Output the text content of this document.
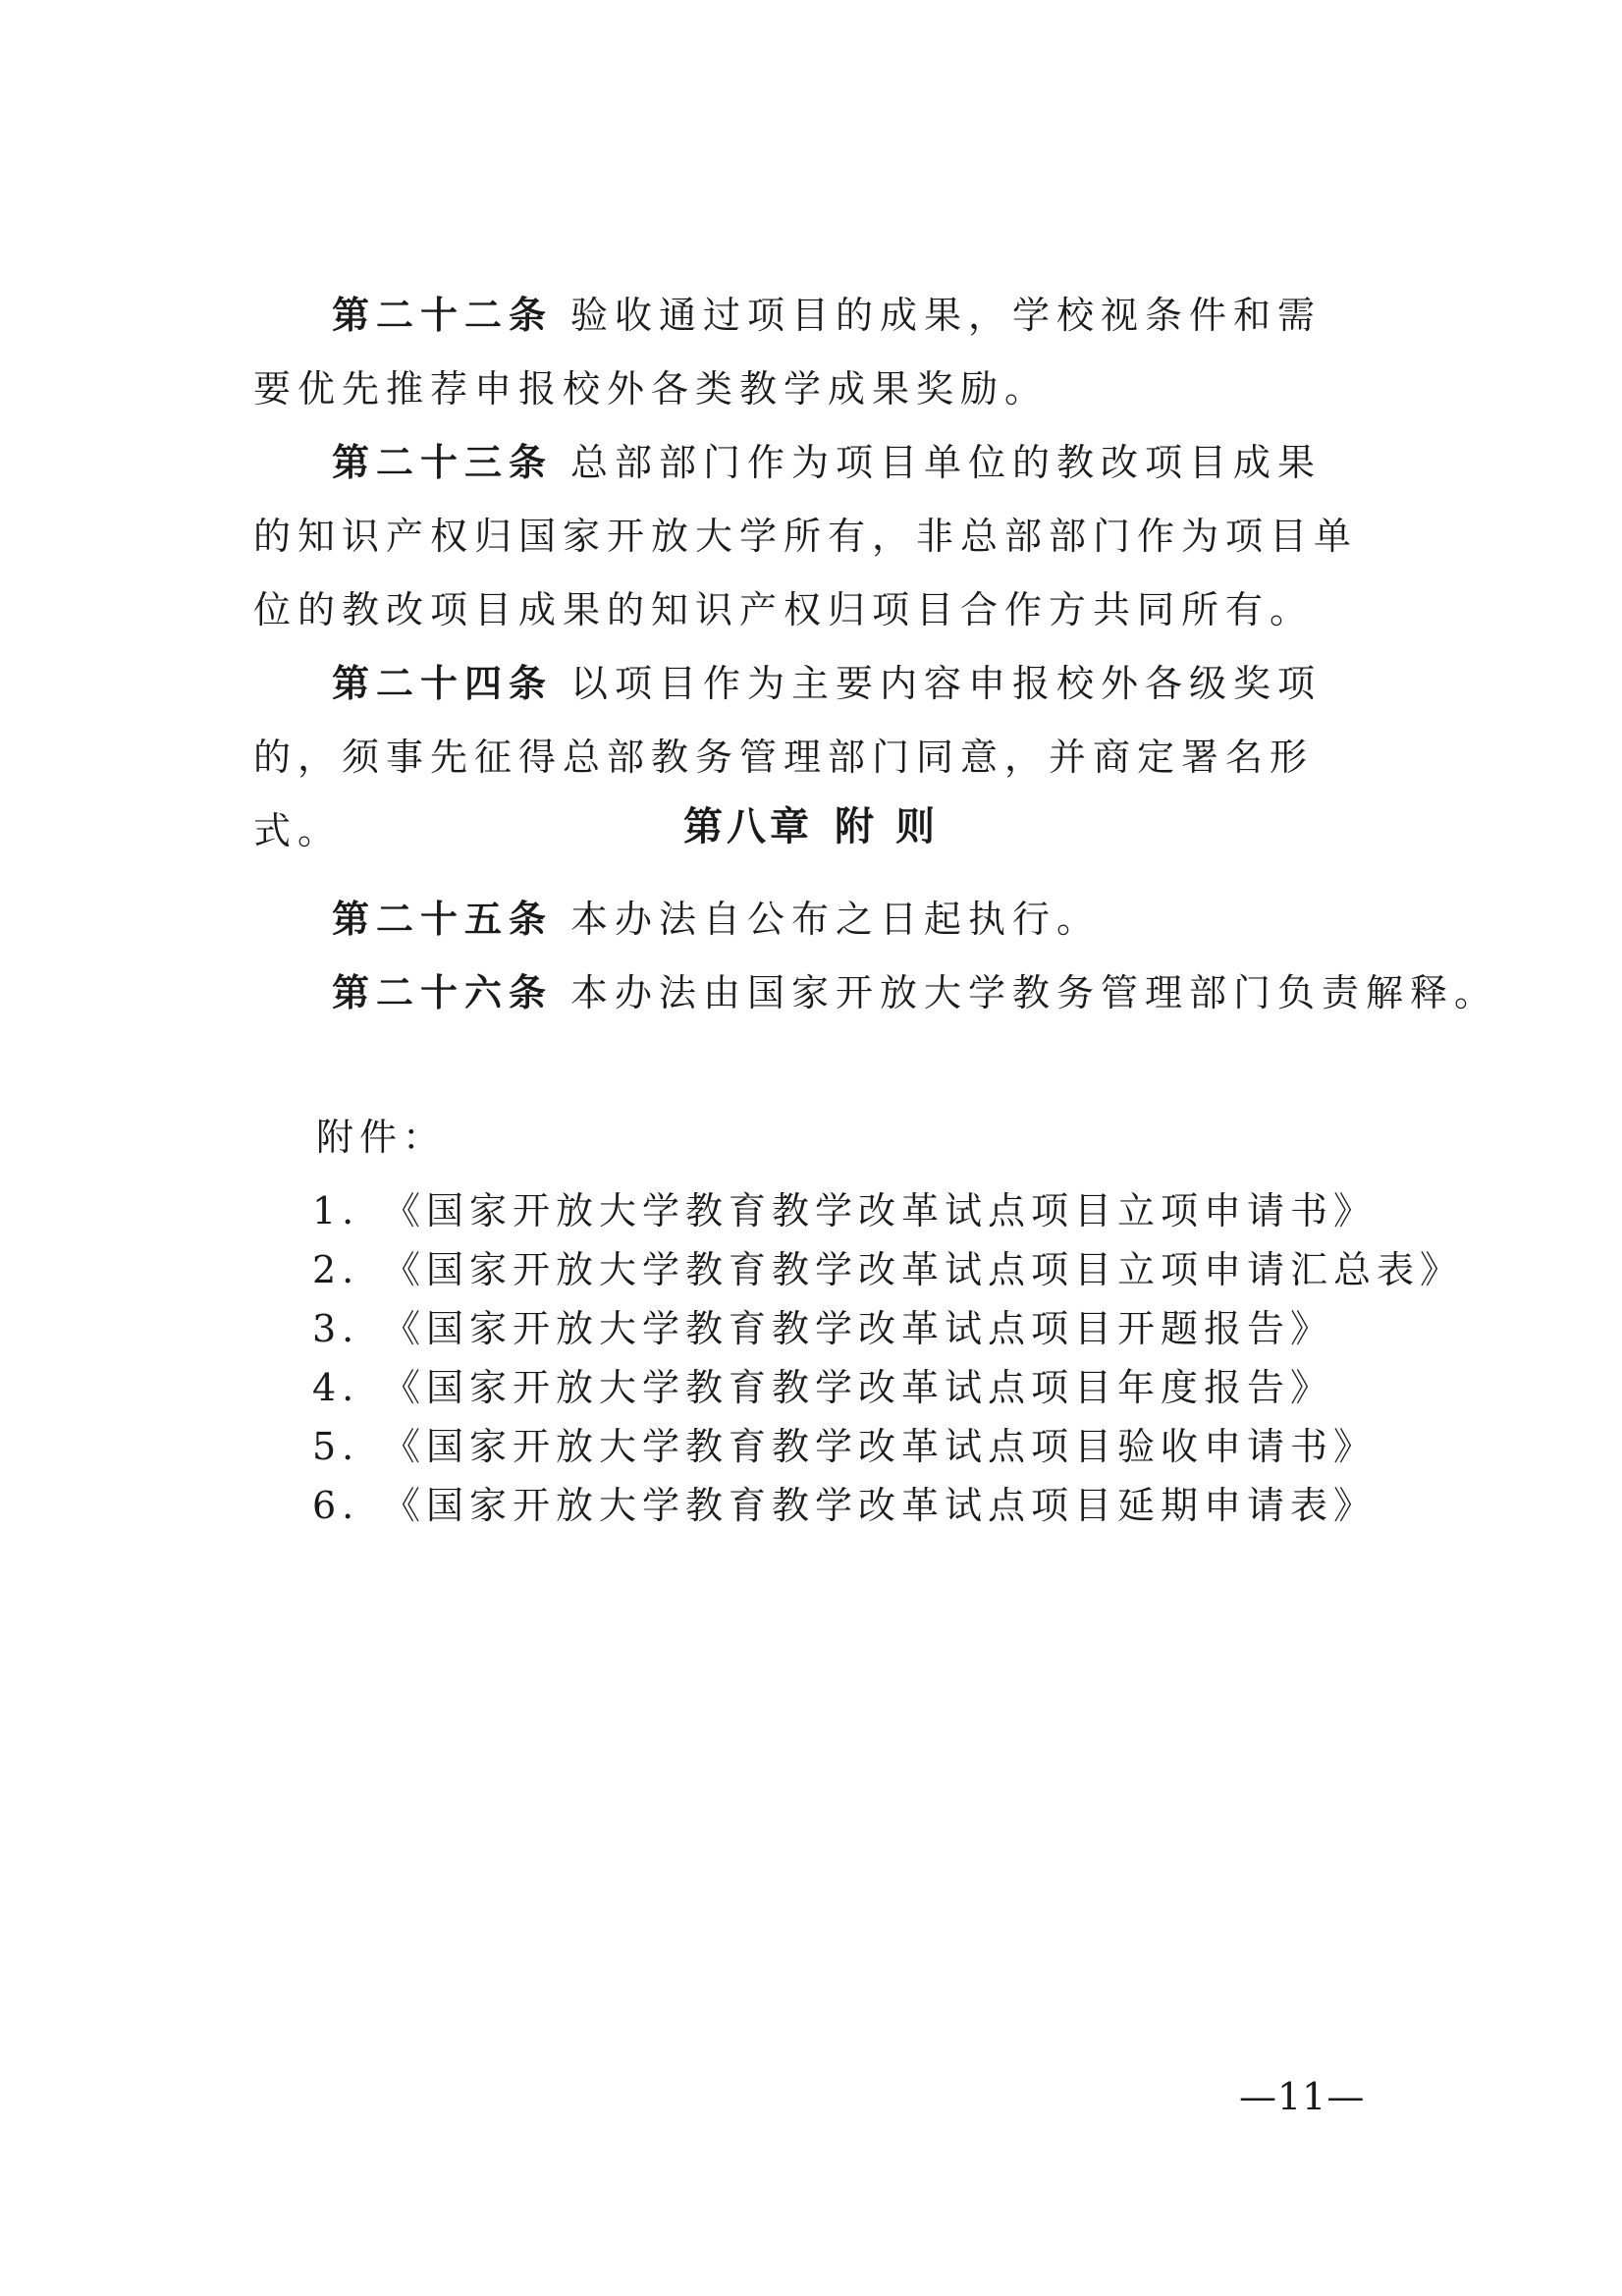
第二十二条 验收通过项目的成果，学校视条件和需要优先推荐申报校外各类教学成果奖励。

第二十三条 总部部门作为项目单位的教改项目成果的知识产权归国家开放大学所有，非总部部门作为项目单位的教改项目成果的知识产权归项目合作方共同所有。

第二十四条 以项目作为主要内容申报校外各级奖项的，须事先征得总部教务管理部门同意，并商定署名形式。	第八章 附 则
第二十五条 本办法自公布之日起执行。
第二十六条 本办法由国家开放大学教务管理部门负责解释。
附件：
1. 《国家开放大学教育教学改革试点项目立项申请书》
2. 《国家开放大学教育教学改革试点项目立项申请汇总表》
3. 《国家开放大学教育教学改革试点项目开题报告》
4. 《国家开放大学教育教学改革试点项目年度报告》
5. 《国家开放大学教育教学改革试点项目验收申请书》
6. 《国家开放大学教育教学改革试点项目延期申请表》
—11—
